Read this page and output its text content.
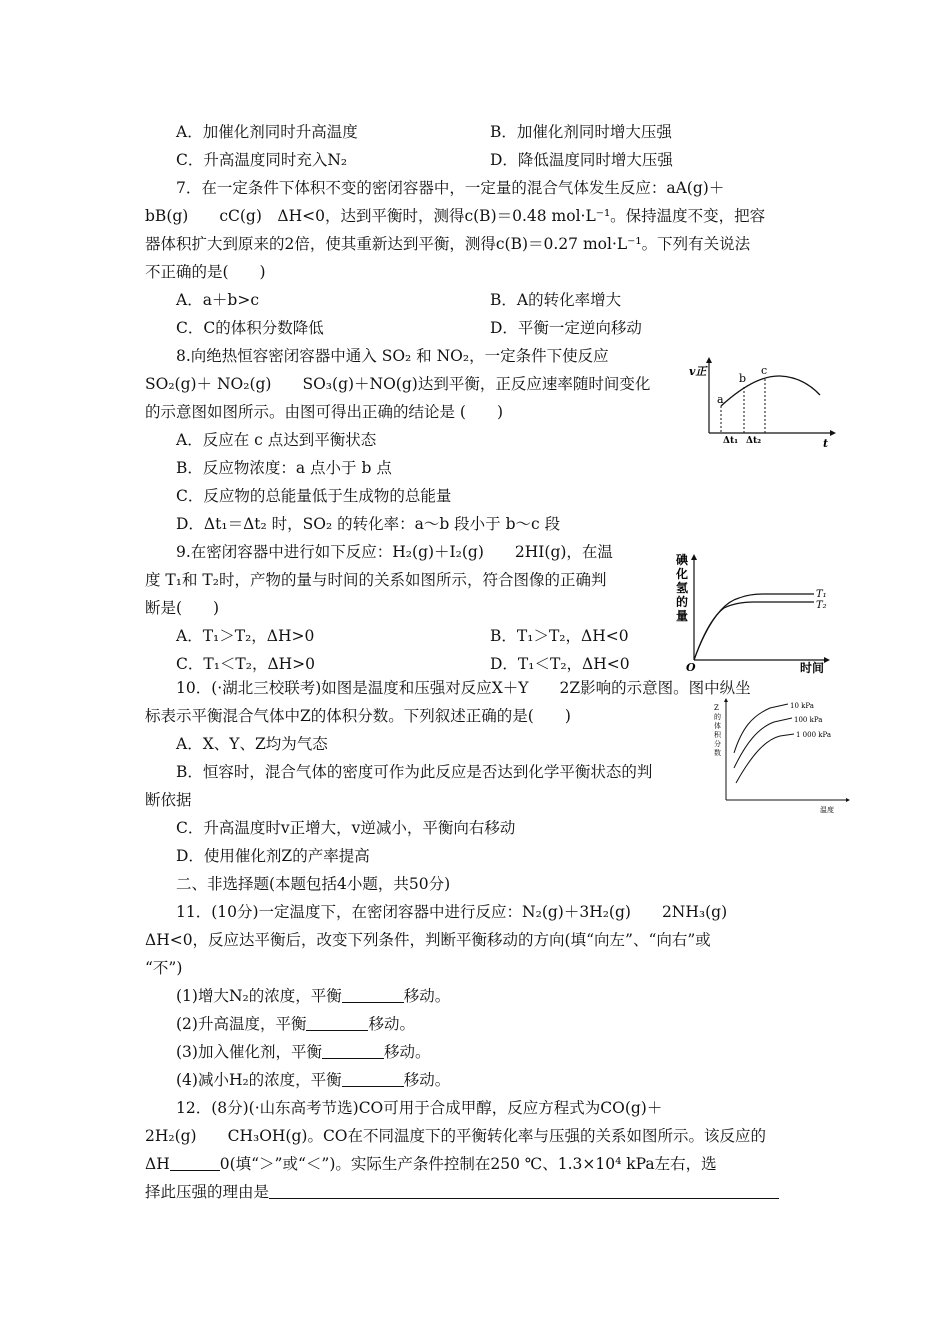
A．加催化剂同时升高温度	B．加催化剂同时增大压强
C．升高温度同时充入N₂	D．降低温度同时增大压强
7．在一定条件下体积不变的密闭容器中，一定量的混合气体发生反应：aA(g)＋
bB(g)　　cC(g)　ΔH<0，达到平衡时，测得c(B)＝0.48 mol·L⁻¹。保持温度不变，把容
器体积扩大到原来的2倍，使其重新达到平衡，测得c(B)＝0.27 mol·L⁻¹。下列有关说法
不正确的是(　　)
A．a＋b>c	B．A的转化率增大
C．C的体积分数降低	D．平衡一定逆向移动
8.向绝热恒容密闭容器中通入 SO₂ 和 NO₂，一定条件下使反应
SO₂(g)＋ NO₂(g)　　SO₃(g)＋NO(g)达到平衡，正反应速率随时间变化
的示意图如图所示。由图可得出正确的结论是 (　　)
A．反应在 c 点达到平衡状态
B．反应物浓度：a 点小于 b 点
C．反应物的总能量低于生成物的总能量
D．Δt₁＝Δt₂ 时，SO₂ 的转化率：a～b 段小于 b～c 段
v正
t
a
b
c
Δt₁ Δt₂
9.在密闭容器中进行如下反应：H₂(g)＋I₂(g)　　2HI(g)，在温
度 T₁和 T₂时，产物的量与时间的关系如图所示，符合图像的正确判
断是(　　)
A．T₁＞T₂，ΔH>0	B．T₁＞T₂，ΔH<0
C．T₁＜T₂，ΔH>0	D．T₁＜T₂，ΔH<0
碘
化
氢
的
量
O	时间
T₁
T₂
10．(·湖北三校联考)如图是温度和压强对反应X＋Y　　2Z影响的示意图。图中纵坐
标表示平衡混合气体中Z的体积分数。下列叙述正确的是(　　)
A．X、Y、Z均为气态
B．恒容时，混合气体的密度可作为此反应是否达到化学平衡状态的判
断依据
C．升高温度时v正增大，v逆减小，平衡向右移动
D．使用催化剂Z的产率提高
Z
的
体
积
分
数
10 kPa
100 kPa
1 000 kPa
温度
二、非选择题(本题包括4小题，共50分)
11．(10分)一定温度下，在密闭容器中进行反应：N₂(g)＋3H₂(g)　　2NH₃(g)
ΔH<0，反应达平衡后，改变下列条件，判断平衡移动的方向(填“向左”、“向右”或
“不”)
(1)增大N₂的浓度，平衡	移动。
(2)升高温度，平衡	移动。
(3)加入催化剂，平衡	移动。
(4)减小H₂的浓度，平衡	移动。
12．(8分)(·山东高考节选)CO可用于合成甲醇，反应方程式为CO(g)＋
2H₂(g)　　CH₃OH(g)。CO在不同温度下的平衡转化率与压强的关系如图所示。该反应的
ΔH	0(填“＞”或“＜”)。实际生产条件控制在250 ℃、1.3×10⁴ kPa左右，选
择此压强的理由是
